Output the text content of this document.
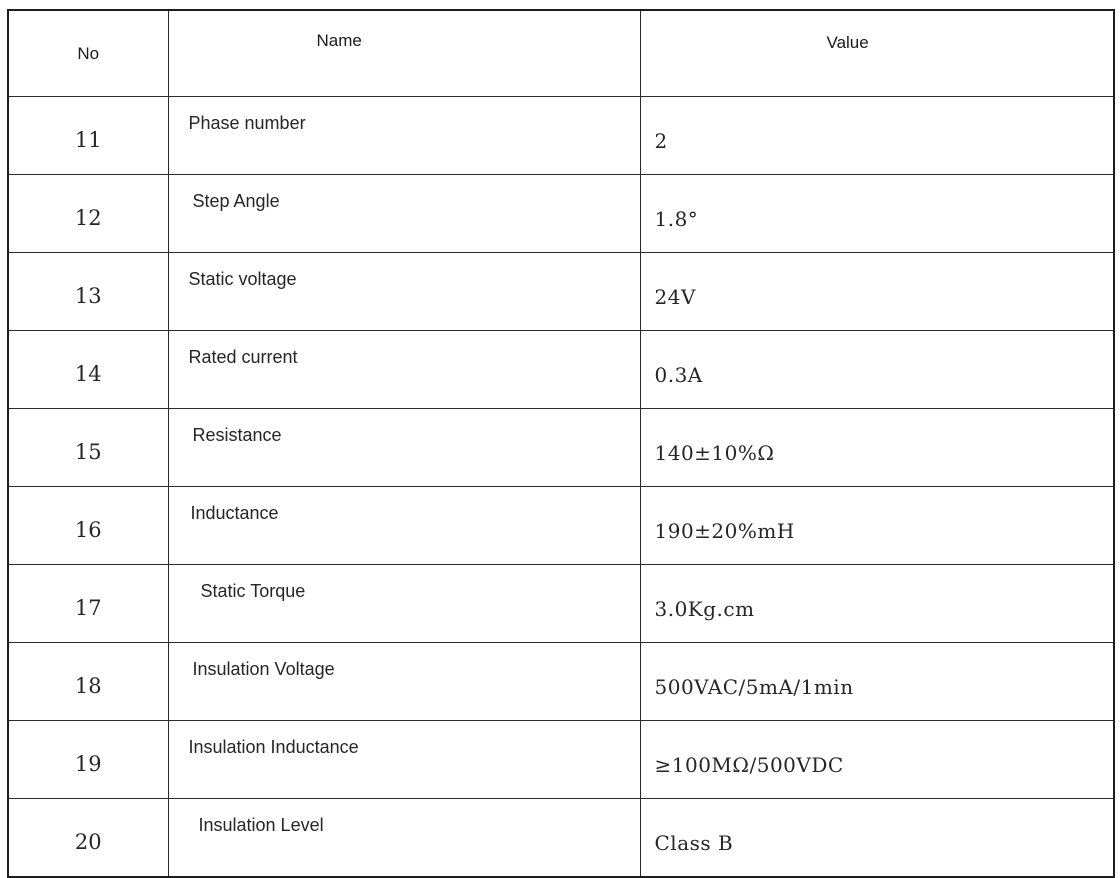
No	Name	Value
11	Phase number	2
12	Step Angle	1.8°
13	Static voltage	24V
14	Rated current	0.3A
15	Resistance	140±10%Ω
16	Inductance	190±20%mH
17	Static Torque	3.0Kg.cm
18	Insulation Voltage	500VAC/5mA/1min
19	Insulation Inductance	≥100MΩ/500VDC
20	Insulation Level	Class B
